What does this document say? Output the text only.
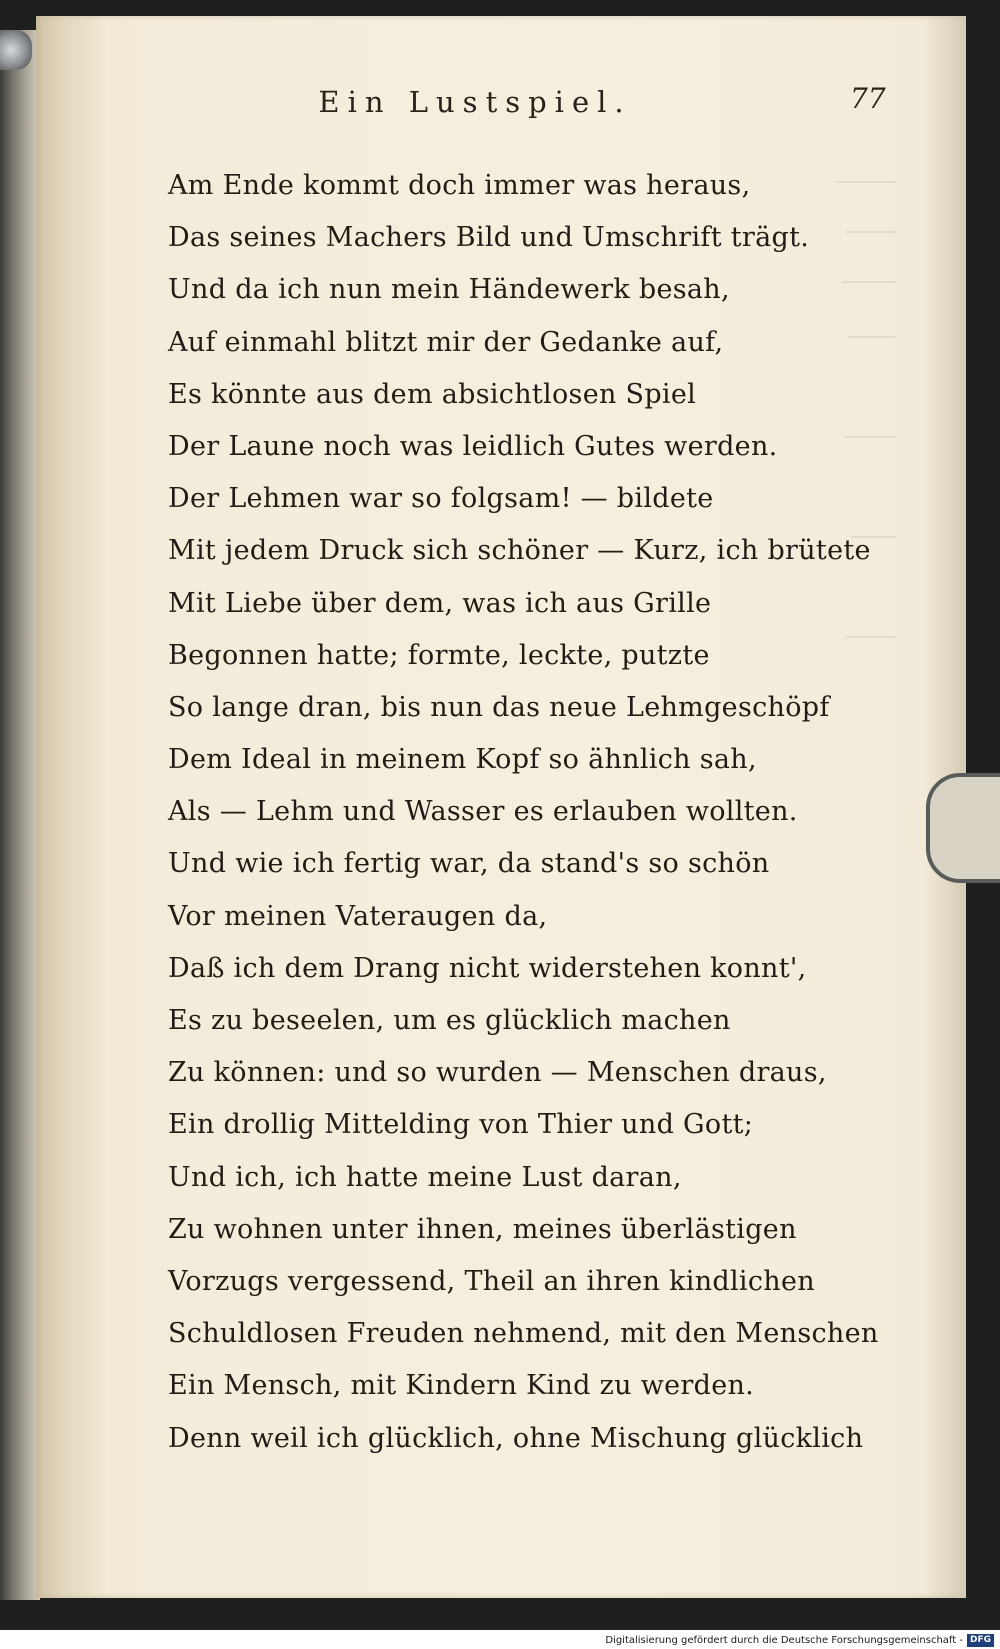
Ein Lustspiel.	77
Am Ende kommt doch immer was heraus,
Das seines Machers Bild und Umschrift trägt.
Und da ich nun mein Händewerk besah,
Auf einmahl blitzt mir der Gedanke auf,
Es könnte aus dem absichtlosen Spiel
Der Laune noch was leidlich Gutes werden.
Der Lehmen war so folgsam! — bildete
Mit jedem Druck sich schöner — Kurz, ich brütete
Mit Liebe über dem, was ich aus Grille
Begonnen hatte; formte, leckte, putzte
So lange dran, bis nun das neue Lehmgeschöpf
Dem Ideal in meinem Kopf so ähnlich sah,
Als — Lehm und Wasser es erlauben wollten.
Und wie ich fertig war, da stand's so schön
Vor meinen Vateraugen da,
Daß ich dem Drang nicht widerstehen konnt',
Es zu beseelen, um es glücklich machen
Zu können: und so wurden — Menschen draus,
Ein drollig Mittelding von Thier und Gott;
Und ich, ich hatte meine Lust daran,
Zu wohnen unter ihnen, meines überlästigen
Vorzugs vergessend, Theil an ihren kindlichen
Schuldlosen Freuden nehmend, mit den Menschen
Ein Mensch, mit Kindern Kind zu werden.
Denn weil ich glücklich, ohne Mischung glücklich
Digitalisierung gefördert durch die Deutsche Forschungsgemeinschaft - DFG
